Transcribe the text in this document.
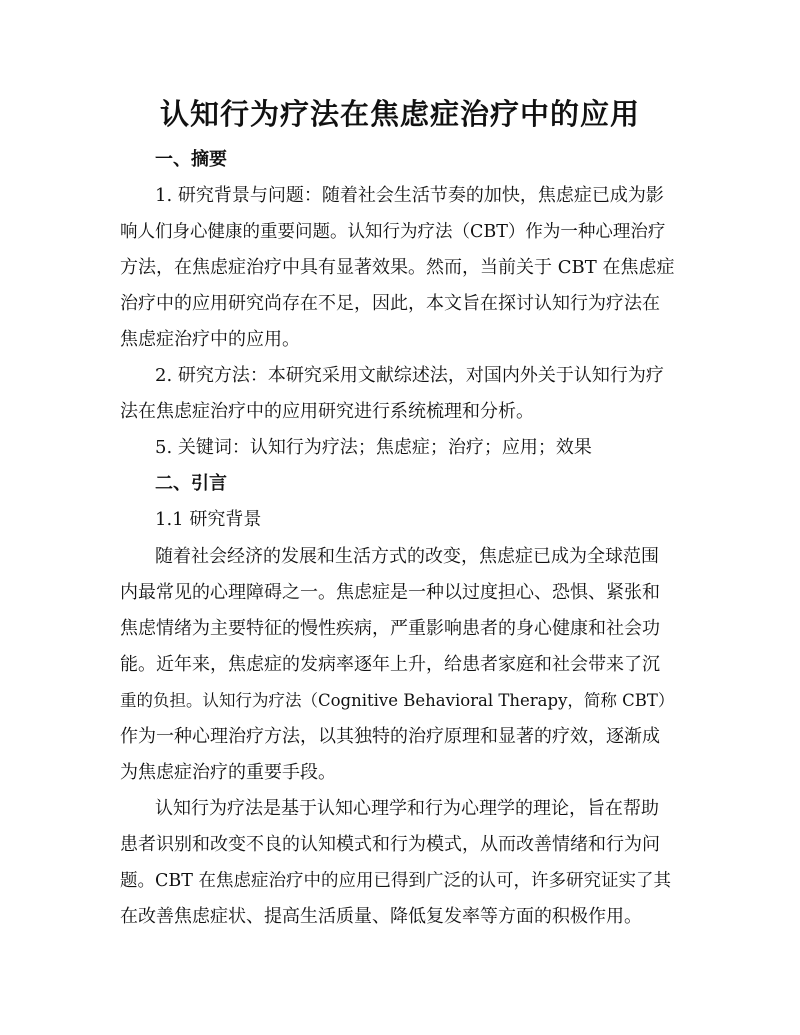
认知行为疗法在焦虑症治疗中的应用
一、摘要
1. 研究背景与问题：随着社会生活节奏的加快，焦虑症已成为影
响人们身心健康的重要问题。认知行为疗法（CBT）作为一种心理治疗
方法，在焦虑症治疗中具有显著效果。然而，当前关于 CBT 在焦虑症
治疗中的应用研究尚存在不足，因此，本文旨在探讨认知行为疗法在
焦虑症治疗中的应用。
2. 研究方法：本研究采用文献综述法，对国内外关于认知行为疗
法在焦虑症治疗中的应用研究进行系统梳理和分析。
5. 关键词：认知行为疗法；焦虑症；治疗；应用；效果
二、引言
1.1 研究背景
随着社会经济的发展和生活方式的改变，焦虑症已成为全球范围
内最常见的心理障碍之一。焦虑症是一种以过度担心、恐惧、紧张和
焦虑情绪为主要特征的慢性疾病，严重影响患者的身心健康和社会功
能。近年来，焦虑症的发病率逐年上升，给患者家庭和社会带来了沉
重的负担。认知行为疗法（Cognitive Behavioral Therapy，简称 CBT）
作为一种心理治疗方法，以其独特的治疗原理和显著的疗效，逐渐成
为焦虑症治疗的重要手段。
认知行为疗法是基于认知心理学和行为心理学的理论，旨在帮助
患者识别和改变不良的认知模式和行为模式，从而改善情绪和行为问
题。CBT 在焦虑症治疗中的应用已得到广泛的认可，许多研究证实了其
在改善焦虑症状、提高生活质量、降低复发率等方面的积极作用。
